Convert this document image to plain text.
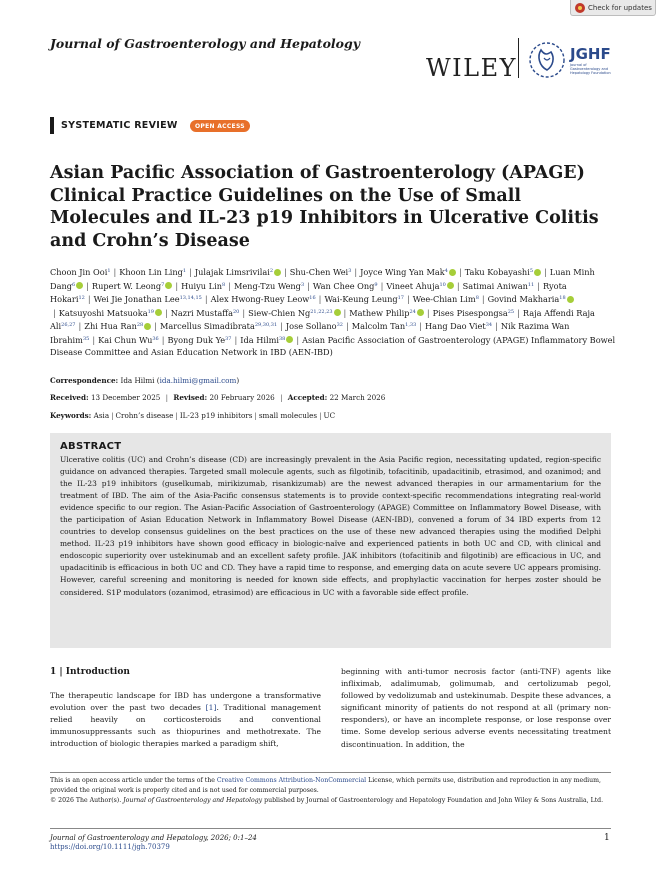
Check for updates
Journal of Gastroenterology and Hepatology
WILEY	JGHF
Journal of Gastroenterology and Hepatology Foundation
SYSTEMATIC REVIEW	OPEN ACCESS
Asian Pacific Association of Gastroenterology (APAGE) Clinical Practice Guidelines on the Use of Small Molecules and IL-23 p19 Inhibitors in Ulcerative Colitis and Crohn’s Disease
Choon Jin Ooi$^1$ | Khoon Lin Ling$^1$ | Julajak Limsrivilai$^2$ | Shu-Chen Wei$^3$ | Joyce Wing Yan Mak$^4$ | Taku Kobayashi$^5$ | Luan Minh Dang$^6$ | Rupert W. Leong$^7$ | Huiyu Lin$^8$ | Meng-Tzu Weng$^3$ | Wan Chee Ong$^9$ | Vineet Ahuja$^{10}$ | Satimai Aniwan$^{11}$ | Ryota Hokari$^{12}$ | Wei Jie Jonathan Lee$^{13,14,15}$ | Alex Hwong-Ruey Leow$^{16}$ | Wai-Keung Leung$^{17}$ | Wee-Chian Lim$^8$ | Govind Makharia$^{18}$| Katsuyoshi Matsuoka$^{19}$ | Nazri Mustaffa$^{20}$ | Siew-Chien Ng$^{21,22,23}$ | Mathew Philip$^{24}$ | Pises Pisespongsa$^{25}$ | Raja Affendi Raja Ali$^{26,27}$ | Zhi Hua Ran$^{28}$ | Marcellus Simadibrata$^{29,30,31}$ | Jose Sollano$^{32}$ | Malcolm Tan$^{1,33}$ | Hang Dao Viet$^{34}$ | Nik Razima Wan Ibrahim$^{35}$ | Kai Chun Wu$^{36}$ | Byong Duk Ye$^{37}$ | Ida Hilmi$^{38}$ | Asian Pacific Association of Gastroenterology (APAGE) Inflammatory Bowel Disease Committee and Asian Education Network in IBD (AEN-IBD)
Correspondence: Ida Hilmi (ida.hilmi@gmail.com)
Received: 13 December 2025 | Revised: 20 February 2026 | Accepted: 22 March 2026
Keywords: Asia | Crohn’s disease | IL-23 p19 inhibitors | small molecules | UC
ABSTRACT

Ulcerative colitis (UC) and Crohn’s disease (CD) are increasingly prevalent in the Asia Pacific region, necessitating updated, region-specific guidance on advanced therapies. Targeted small molecule agents, such as filgotinib, tofacitinib, upadacitinib, etrasimod, and ozanimod; and the IL-23 p19 inhibitors (guselkumab, mirikizumab, risankizumab) are the newest advanced therapies in our armamentarium for the treatment of IBD. The aim of the Asia-Pacific consensus statements is to provide context-specific recommendations integrating real-world evidence specific to our region. The Asian-Pacific Association of Gastroenterology (APAGE) Committee on Inflammatory Bowel Disease, with the participation of Asian Education Network in Inflammatory Bowel Disease (AEN-IBD), convened a forum of 34 IBD experts from 12 countries to develop consensus guidelines on the best practices on the use of these new advanced therapies using the modified Delphi method. IL-23 p19 inhibitors have shown good efficacy in biologic-naïve and experienced patients in both UC and CD, with clinical and endoscopic superiority over ustekinumab and an excellent safety profile. JAK inhibitors (tofacitinib and filgotinib) are efficacious in UC, and upadacitinib is efficacious in both UC and CD. They have a rapid time to response, and emerging data on acute severe UC appears promising. However, careful screening and monitoring is needed for known side effects, and prophylactic vaccination for herpes zoster should be considered. S1P modulators (ozanimod, etrasimod) are efficacious in UC with a favorable side effect profile.

1 | Introduction

The therapeutic landscape for IBD has undergone a transformative evolution over the past two decades [1]. Traditional management relied heavily on corticosteroids and conventional immunosuppressants such as thiopurines and methotrexate. The introduction of biologic therapies marked a paradigm shift,

beginning with anti-tumor necrosis factor (anti-TNF) agents like infliximab, adalimumab, golimumab, and certolizumab pegol, followed by vedolizumab and ustekinumab. Despite these advances, a significant minority of patients do not respond at all (primary non-responders), or have an incomplete response, or lose response over time. Some develop serious adverse events necessitating treatment discontinuation. In addition, the

This is an open access article under the terms of the Creative Commons Attribution-NonCommercial License, which permits use, distribution and reproduction in any medium, provided the original work is properly cited and is not used for commercial purposes.
© 2026 The Author(s). Journal of Gastroenterology and Hepatology published by Journal of Gastroenterology and Hepatology Foundation and John Wiley & Sons Australia, Ltd.
Journal of Gastroenterology and Hepatology, 2026; 0:1–24
https://doi.org/10.1111/jgh.70379
1
